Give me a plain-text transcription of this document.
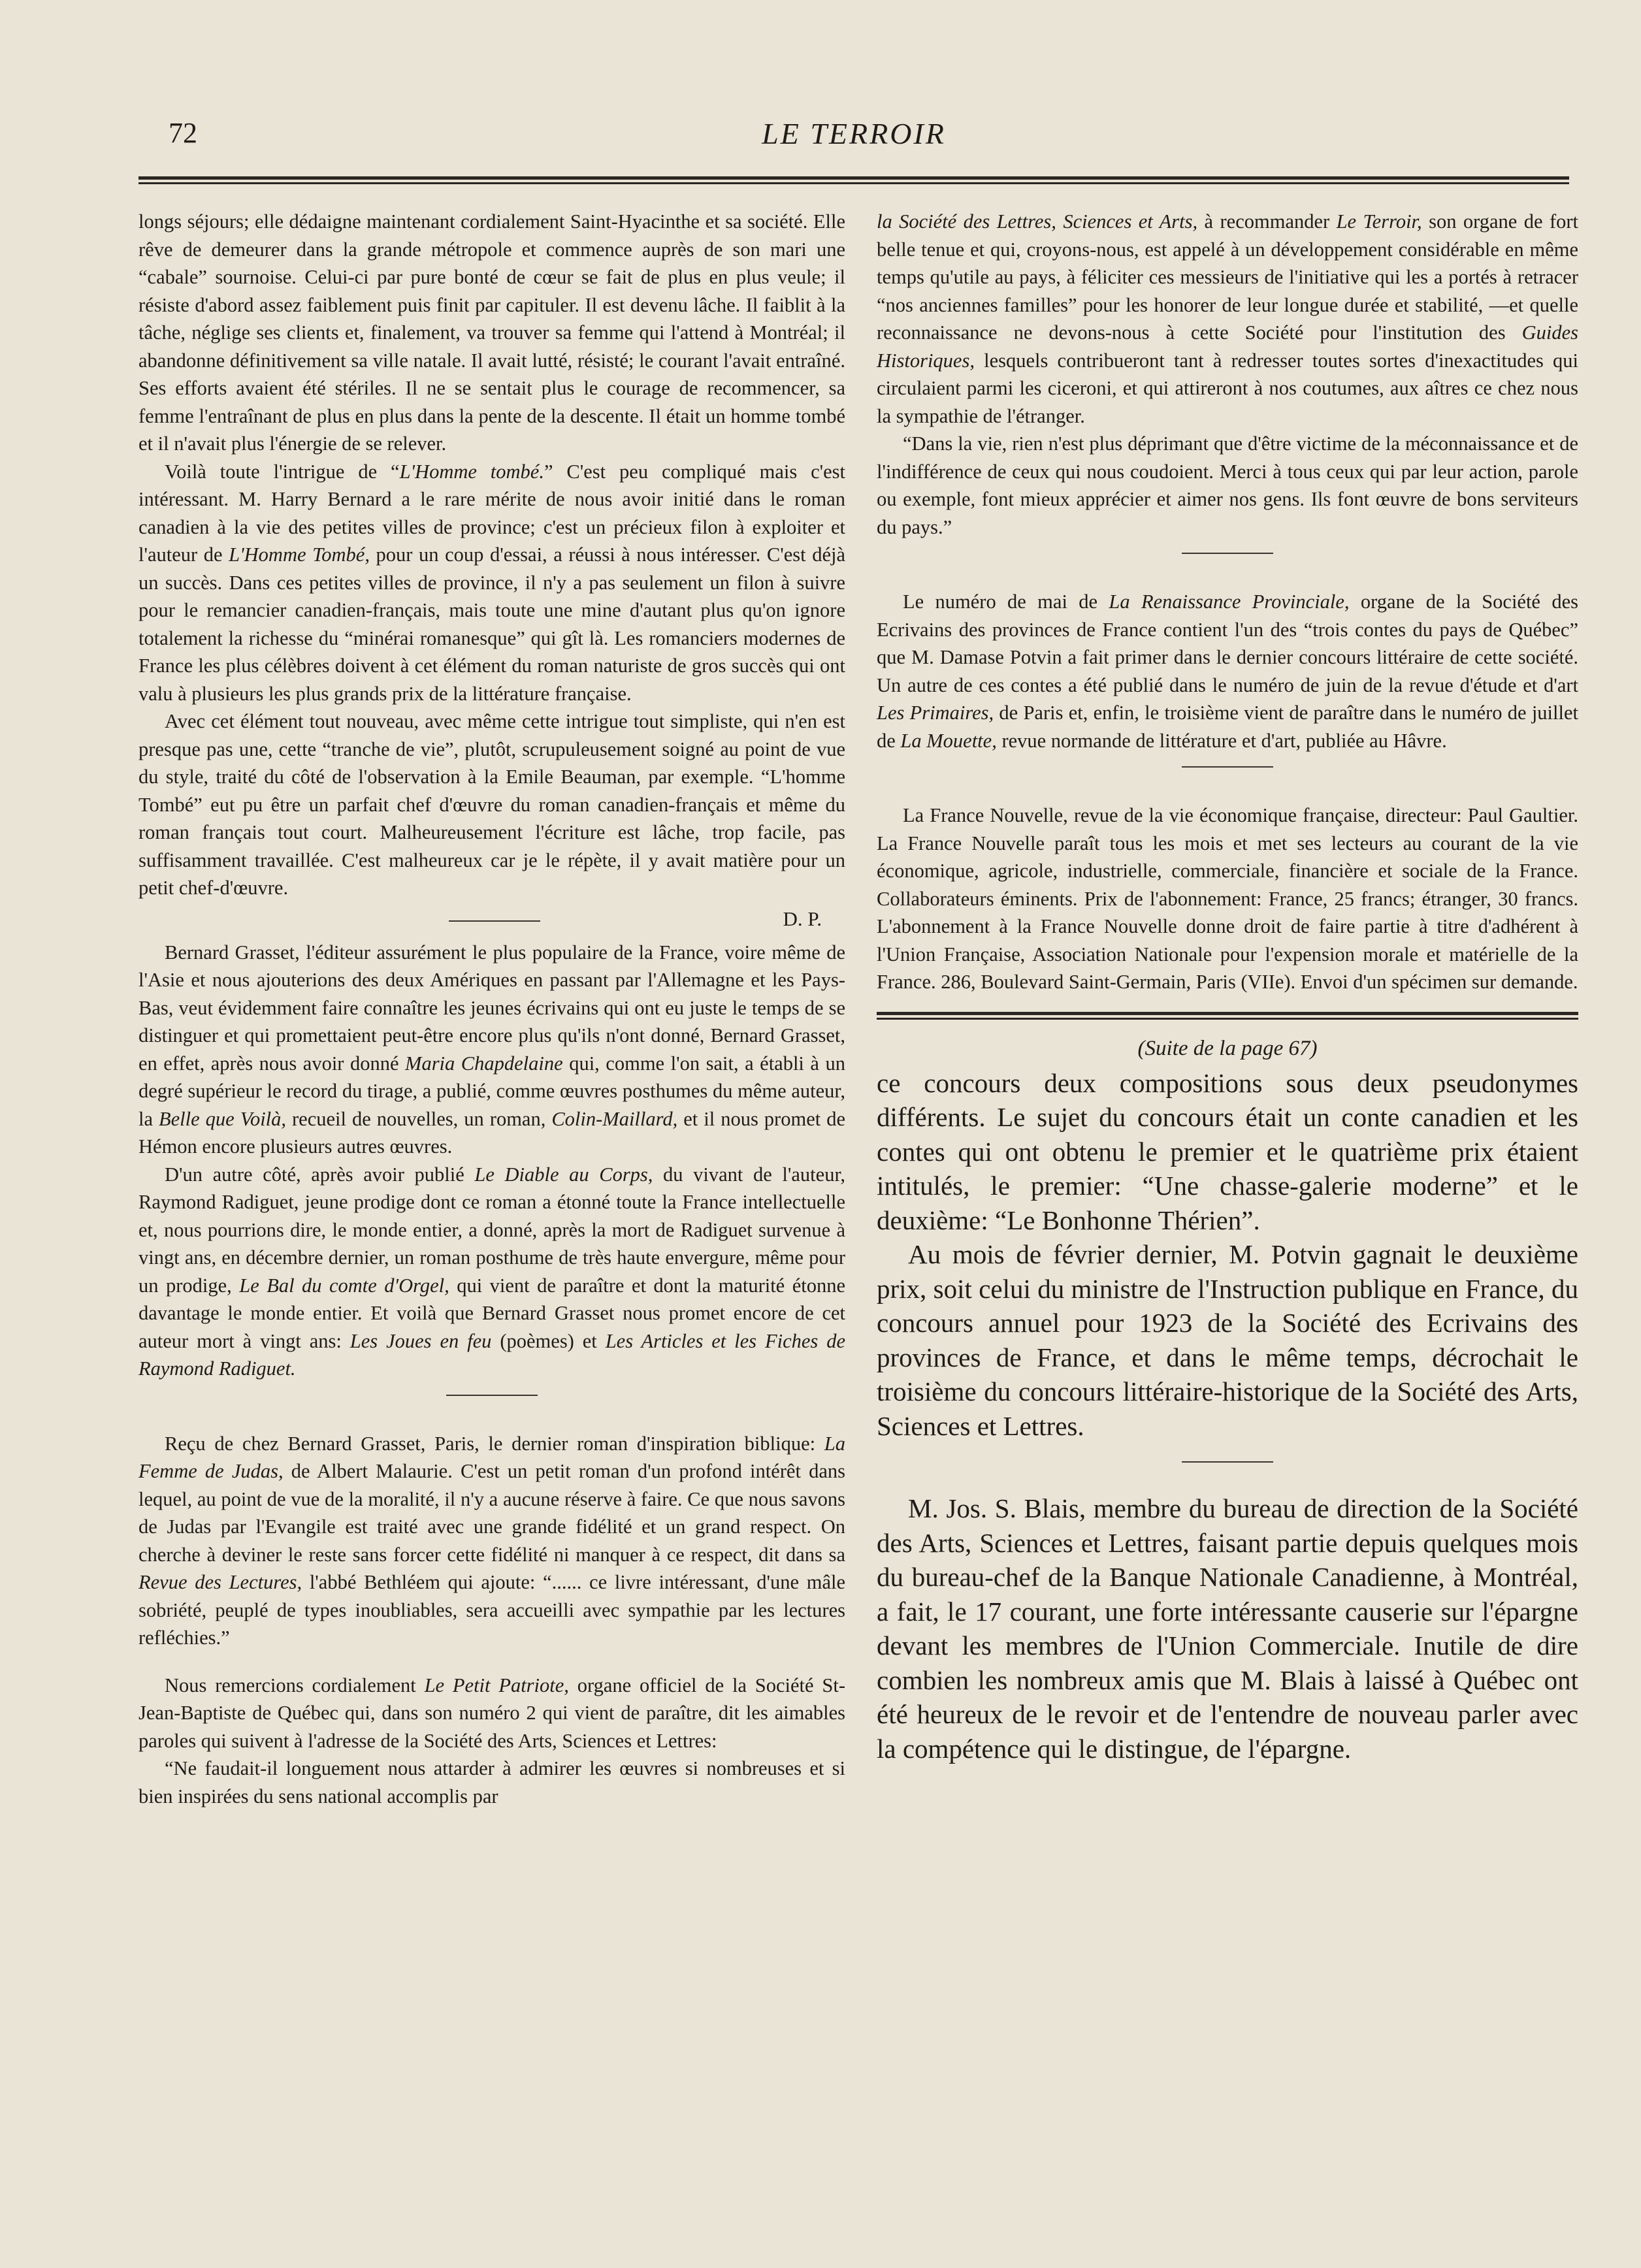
72	LE TERROIR

longs séjours; elle dédaigne maintenant cordialement Saint-Hyacinthe et sa société. Elle rêve de demeurer dans la grande métropole et commence auprès de son mari une “cabale” sournoise. Celui-ci par pure bonté de cœur se fait de plus en plus veule; il résiste d'abord assez faiblement puis finit par capituler. Il est devenu lâche. Il faiblit à la tâche, néglige ses clients et, finalement, va trouver sa femme qui l'attend à Montréal; il abandonne définitivement sa ville natale. Il avait lutté, résisté; le courant l'avait entraîné. Ses efforts avaient été stériles. Il ne se sentait plus le courage de recommencer, sa femme l'entraînant de plus en plus dans la pente de la descente. Il était un homme tombé et il n'avait plus l'énergie de se relever.

Voilà toute l'intrigue de “L'Homme tombé.” C'est peu compliqué mais c'est intéressant. M. Harry Bernard a le rare mérite de nous avoir initié dans le roman canadien à la vie des petites villes de province; c'est un précieux filon à exploiter et l'auteur de L'Homme Tombé, pour un coup d'essai, a réussi à nous intéresser. C'est déjà un succès. Dans ces petites villes de province, il n'y a pas seulement un filon à suivre pour le remancier canadien-français, mais toute une mine d'autant plus qu'on ignore totalement la richesse du “minérai romanesque” qui gît là. Les romanciers modernes de France les plus célèbres doivent à cet élément du roman naturiste de gros succès qui ont valu à plusieurs les plus grands prix de la littérature française.

Avec cet élément tout nouveau, avec même cette intrigue tout simpliste, qui n'en est presque pas une, cette “tranche de vie”, plutôt, scrupuleusement soigné au point de vue du style, traité du côté de l'observation à la Emile Beauman, par exemple. “L'homme Tombé” eut pu être un parfait chef d'œuvre du roman canadien-français et même du roman français tout court. Malheureusement l'écriture est lâche, trop facile, pas suffisamment travaillée. C'est malheureux car je le répète, il y avait matière pour un petit chef-d'œuvre.

D. P.

Bernard Grasset, l'éditeur assurément le plus populaire de la France, voire même de l'Asie et nous ajouterions des deux Amériques en passant par l'Allemagne et les Pays-Bas, veut évidemment faire connaître les jeunes écrivains qui ont eu juste le temps de se distinguer et qui promettaient peut-être encore plus qu'ils n'ont donné, Bernard Grasset, en effet, après nous avoir donné Maria Chapdelaine qui, comme l'on sait, a établi à un degré supérieur le record du tirage, a publié, comme œuvres posthumes du même auteur, la Belle que Voilà, recueil de nouvelles, un roman, Colin-Maillard, et il nous promet de Hémon encore plusieurs autres œuvres.

D'un autre côté, après avoir publié Le Diable au Corps, du vivant de l'auteur, Raymond Radiguet, jeune prodige dont ce roman a étonné toute la France intellectuelle et, nous pourrions dire, le monde entier, a donné, après la mort de Radiguet survenue à vingt ans, en décembre dernier, un roman posthume de très haute envergure, même pour un prodige, Le Bal du comte d'Orgel, qui vient de paraître et dont la maturité étonne davantage le monde entier. Et voilà que Bernard Grasset nous promet encore de cet auteur mort à vingt ans: Les Joues en feu (poèmes) et Les Articles et les Fiches de Raymond Radiguet.

Reçu de chez Bernard Grasset, Paris, le dernier roman d'inspiration biblique: La Femme de Judas, de Albert Malaurie. C'est un petit roman d'un profond intérêt dans lequel, au point de vue de la moralité, il n'y a aucune réserve à faire. Ce que nous savons de Judas par l'Evangile est traité avec une grande fidélité et un grand respect. On cherche à deviner le reste sans forcer cette fidélité ni manquer à ce respect, dit dans sa Revue des Lectures, l'abbé Bethléem qui ajoute: “...... ce livre intéressant, d'une mâle sobriété, peuplé de types inoubliables, sera accueilli avec sympathie par les lectures refléchies.”

Nous remercions cordialement Le Petit Patriote, organe officiel de la Société St-Jean-Baptiste de Québec qui, dans son numéro 2 qui vient de paraître, dit les aimables paroles qui suivent à l'adresse de la Société des Arts, Sciences et Lettres:

“Ne faudait-il longuement nous attarder à admirer les œuvres si nombreuses et si bien inspirées du sens national accomplis par

la Société des Lettres, Sciences et Arts, à recommander Le Terroir, son organe de fort belle tenue et qui, croyons-nous, est appelé à un développement considérable en même temps qu'utile au pays, à féliciter ces messieurs de l'initiative qui les a portés à retracer “nos anciennes familles” pour les honorer de leur longue durée et stabilité, —et quelle reconnaissance ne devons-nous à cette Société pour l'institution des Guides Historiques, lesquels contribueront tant à redresser toutes sortes d'inexactitudes qui circulaient parmi les ciceroni, et qui attireront à nos coutumes, aux aîtres ce chez nous la sympathie de l'étranger.

“Dans la vie, rien n'est plus déprimant que d'être victime de la méconnaissance et de l'indifférence de ceux qui nous coudoient. Merci à tous ceux qui par leur action, parole ou exemple, font mieux apprécier et aimer nos gens. Ils font œuvre de bons serviteurs du pays.”

Le numéro de mai de La Renaissance Provinciale, organe de la Société des Ecrivains des provinces de France contient l'un des “trois contes du pays de Québec” que M. Damase Potvin a fait primer dans le dernier concours littéraire de cette société. Un autre de ces contes a été publié dans le numéro de juin de la revue d'étude et d'art Les Primaires, de Paris et, enfin, le troisième vient de paraître dans le numéro de juillet de La Mouette, revue normande de littérature et d'art, publiée au Hâvre.

La France Nouvelle, revue de la vie économique française, directeur: Paul Gaultier. La France Nouvelle paraît tous les mois et met ses lecteurs au courant de la vie économique, agricole, industrielle, commerciale, financière et sociale de la France. Collaborateurs éminents. Prix de l'abonnement: France, 25 francs; étranger, 30 francs. L'abonnement à la France Nouvelle donne droit de faire partie à titre d'adhérent à l'Union Française, Association Nationale pour l'expension morale et matérielle de la France. 286, Boulevard Saint-Germain, Paris (VIIe). Envoi d'un spécimen sur demande.

(Suite de la page 67)

ce concours deux compositions sous deux pseudonymes différents. Le sujet du concours était un conte canadien et les contes qui ont obtenu le premier et le quatrième prix étaient intitulés, le premier: “Une chasse-galerie moderne” et le deuxième: “Le Bonhonne Thérien”.

Au mois de février dernier, M. Potvin gagnait le deuxième prix, soit celui du ministre de l'Instruction publique en France, du concours annuel pour 1923 de la Société des Ecrivains des provinces de France, et dans le même temps, décrochait le troisième du concours littéraire-historique de la Société des Arts, Sciences et Lettres.

M. Jos. S. Blais, membre du bureau de direction de la Société des Arts, Sciences et Lettres, faisant partie depuis quelques mois du bureau-chef de la Banque Nationale Canadienne, à Montréal, a fait, le 17 courant, une forte intéressante causerie sur l'épargne devant les membres de l'Union Commerciale. Inutile de dire combien les nombreux amis que M. Blais à laissé à Québec ont été heureux de le revoir et de l'entendre de nouveau parler avec la compétence qui le distingue, de l'épargne.
